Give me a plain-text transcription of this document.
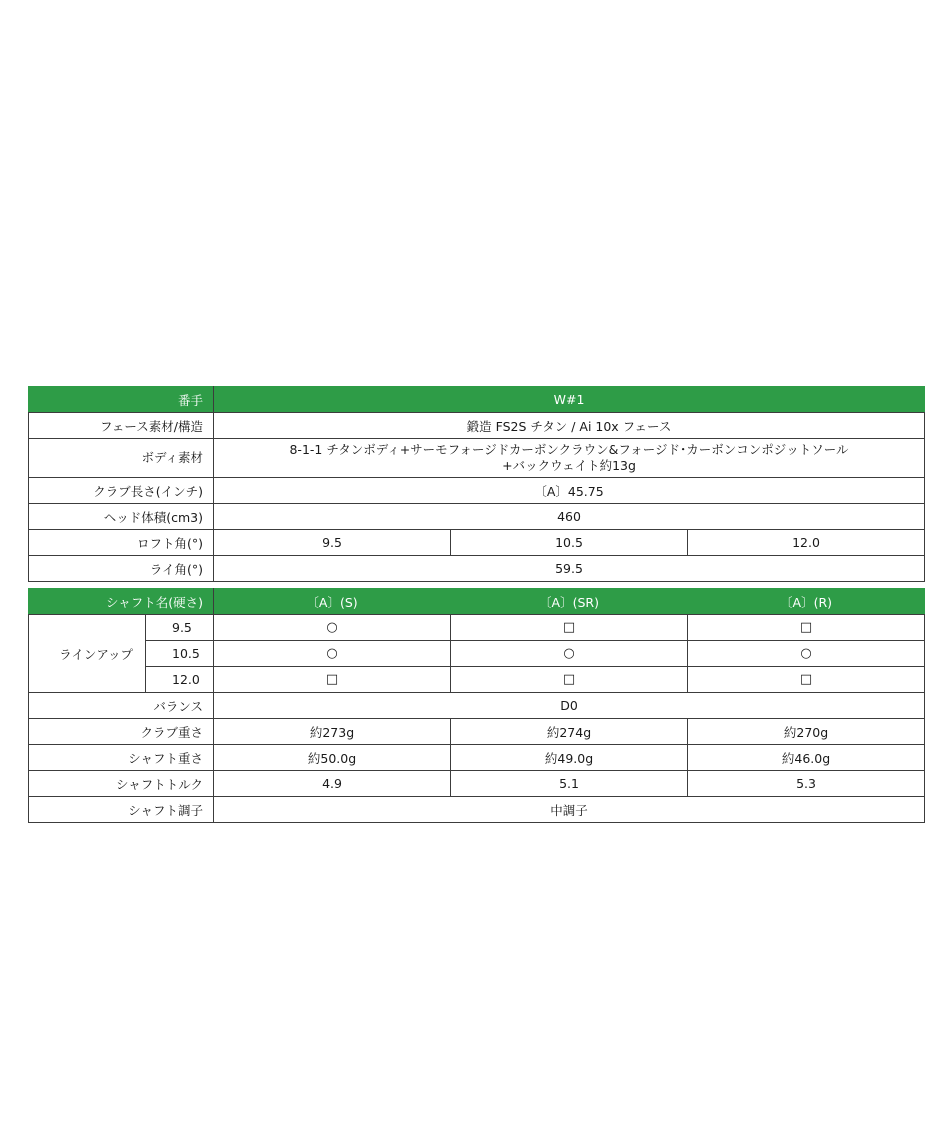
番手		W#1		
フェース素材/構造		鍛造 FS2S チタン / Ai 10x フェース		
ボディ素材		8-1-1 チタンボディ+サーモフォージドカーボンクラウン&フォージド･カーボンコンポジットソール
+バックウェイト約13g		

クラブ長さ(インチ)		〔A〕45.75		
ヘッド体積(cm3)		460		
ロフト角(°)		9.5	10.5	12.0
ライ角(°)		59.5		

シャフト名(硬さ)		〔A〕(S)	〔A〕(SR)	〔A〕(R)
ラインアップ	9.5	○	□	□
	10.5	○	○	○
	12.0	□	□	□
バランス		D0		
クラブ重さ		約273g	約274g	約270g
シャフト重さ		約50.0g	約49.0g	約46.0g
シャフトトルク		4.9	5.1	5.3
シャフト調子		中調子		
